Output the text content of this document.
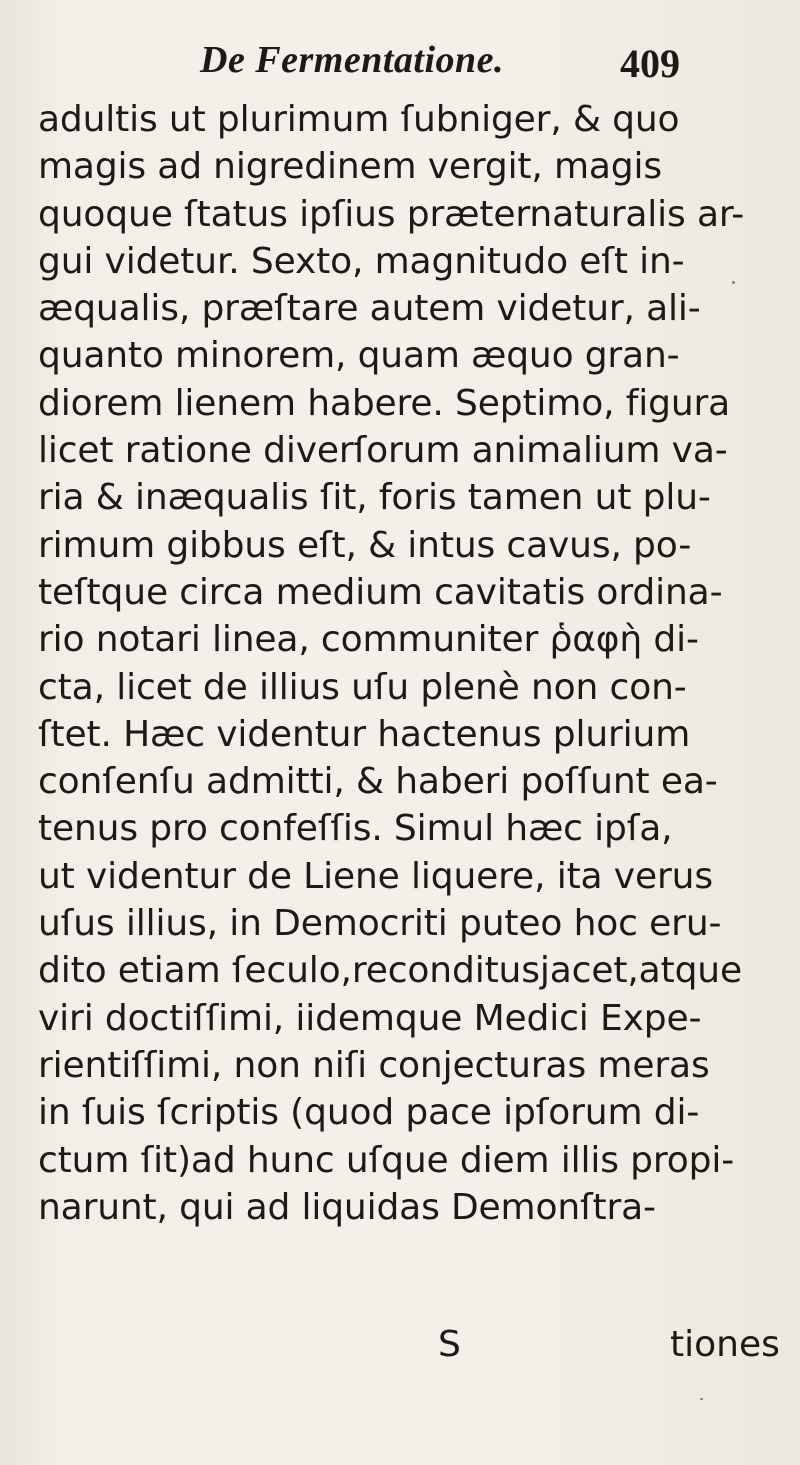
De Fermentatione.	409
adultis ut plurimum ſubniger, & quo
magis ad nigredinem vergit, magis
quoque ſtatus ipſius præternaturalis ar-
gui videtur. Sexto, magnitudo eſt in-
æqualis, præſtare autem videtur, ali-
quanto minorem, quam æquo gran-
diorem lienem habere. Septimo, figura
licet ratione diverſorum animalium va-
ria & inæqualis ſit, foris tamen ut plu-
rimum gibbus eſt, & intus cavus, po-
teſtque circa medium cavitatis ordina-
rio notari linea, communiter ῥαφὴ di-
cta, licet de illius uſu plenè non con-
ſtet. Hæc videntur hactenus plurium
conſenſu admitti, & haberi poſſunt ea-
tenus pro confeſſis. Simul hæc ipſa,
ut videntur de Liene liquere, ita verus
uſus illius, in Democriti puteo hoc eru-
dito etiam ſeculo,reconditusjacet,atque
viri doctiſſimi, iidemque Medici Expe-
rientiſſimi, non niſi conjecturas meras
in ſuis ſcriptis (quod pace ipſorum di-
ctum ſit)ad hunc uſque diem illis propi-
narunt, qui ad liquidas Demonſtra-
S	tiones
